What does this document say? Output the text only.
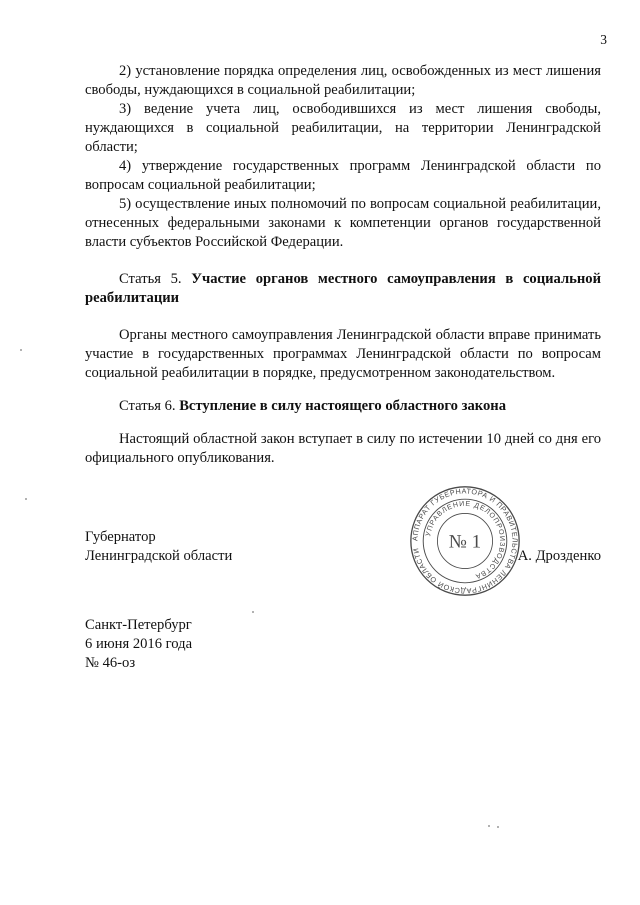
3

2) установление порядка определения лиц, освобожденных из мест лишения свободы, нуждающихся в социальной реабилитации;

3) ведение учета лиц, освободившихся из мест лишения свободы, нуждающихся в социальной реабилитации, на территории Ленинградской области;

4) утверждение государственных программ Ленинградской области по вопросам социальной реабилитации;

5) осуществление иных полномочий по вопросам социальной реабилитации, отнесенных федеральными законами к компетенции органов государственной власти субъектов Российской Федерации.

Статья 5. Участие органов местного самоуправления в социальной реабилитации

Органы местного самоуправления Ленинградской области вправе принимать участие в государственных программах Ленинградской области по вопросам социальной реабилитации в порядке, предусмотренном законодательством.

Статья 6. Вступление в силу настоящего областного закона

Настоящий областной закон вступает в силу по истечении 10 дней со дня его официального опубликования.

Губернатор
Ленинградской области	А. Дрозденко
АППАРАТ ГУБЕРНАТОРА И ПРАВИТЕЛЬСТВА ЛЕНИНГРАДСКОЙ ОБЛАСТИ
УПРАВЛЕНИЕ ДЕЛОПРОИЗВОДСТВА
№ 1
Санкт-Петербург
6 июня 2016 года
№ 46-оз
